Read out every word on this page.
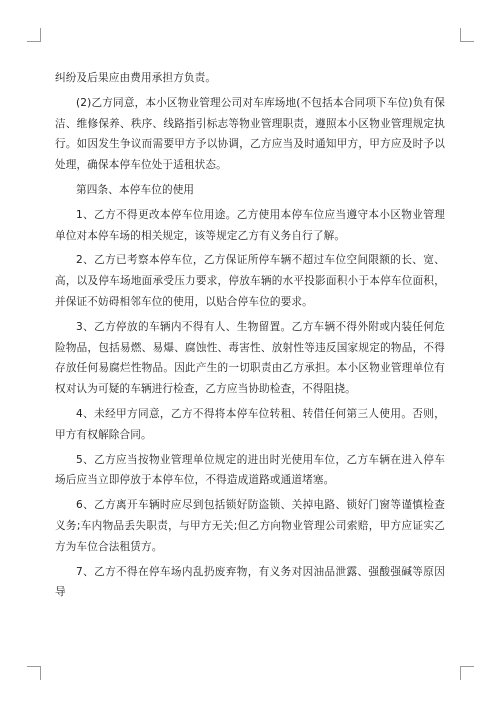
纠纷及后果应由费用承担方负责。

(2)乙方同意，本小区物业管理公司对车库场地(不包括本合同项下车位)负有保洁、维修保养、秩序、线路指引标志等物业管理职责，遵照本小区物业管理规定执行。如因发生争议而需要甲方予以协调，乙方应当及时通知甲方，甲方应及时予以处理，确保本停车位处于适租状态。

第四条、本停车位的使用

1、乙方不得更改本停车位用途。乙方使用本停车位应当遵守本小区物业管理单位对本停车场的相关规定，该等规定乙方有义务自行了解。

2、乙方已考察本停车位，乙方保证所停车辆不超过车位空间限额的长、宽、高，以及停车场地面承受压力要求，停放车辆的水平投影面积小于本停车位面积，并保证不妨碍相邻车位的使用，以贴合停车位的要求。

3、乙方停放的车辆内不得有人、生物留置。乙方车辆不得外附或内装任何危险物品，包括易燃、易爆、腐蚀性、毒害性、放射性等违反国家规定的物品，不得存放任何易腐烂性物品。因此产生的一切职责由乙方承担。本小区物业管理单位有权对认为可疑的车辆进行检查，乙方应当协助检查，不得阻挠。

4、未经甲方同意，乙方不得将本停车位转租、转借任何第三人使用。否则，甲方有权解除合同。

5、乙方应当按物业管理单位规定的进出时光使用车位，乙方车辆在进入停车场后应当立即停放于本停车位，不得造成道路或通道堵塞。

6、乙方离开车辆时应尽到包括锁好防盗锁、关掉电路、锁好门窗等谨慎检查义务;车内物品丢失职责，与甲方无关;但乙方向物业管理公司索赔，甲方应证实乙方为车位合法租赁方。

7、乙方不得在停车场内乱扔废弃物，有义务对因油品泄露、强酸强碱等原因导
